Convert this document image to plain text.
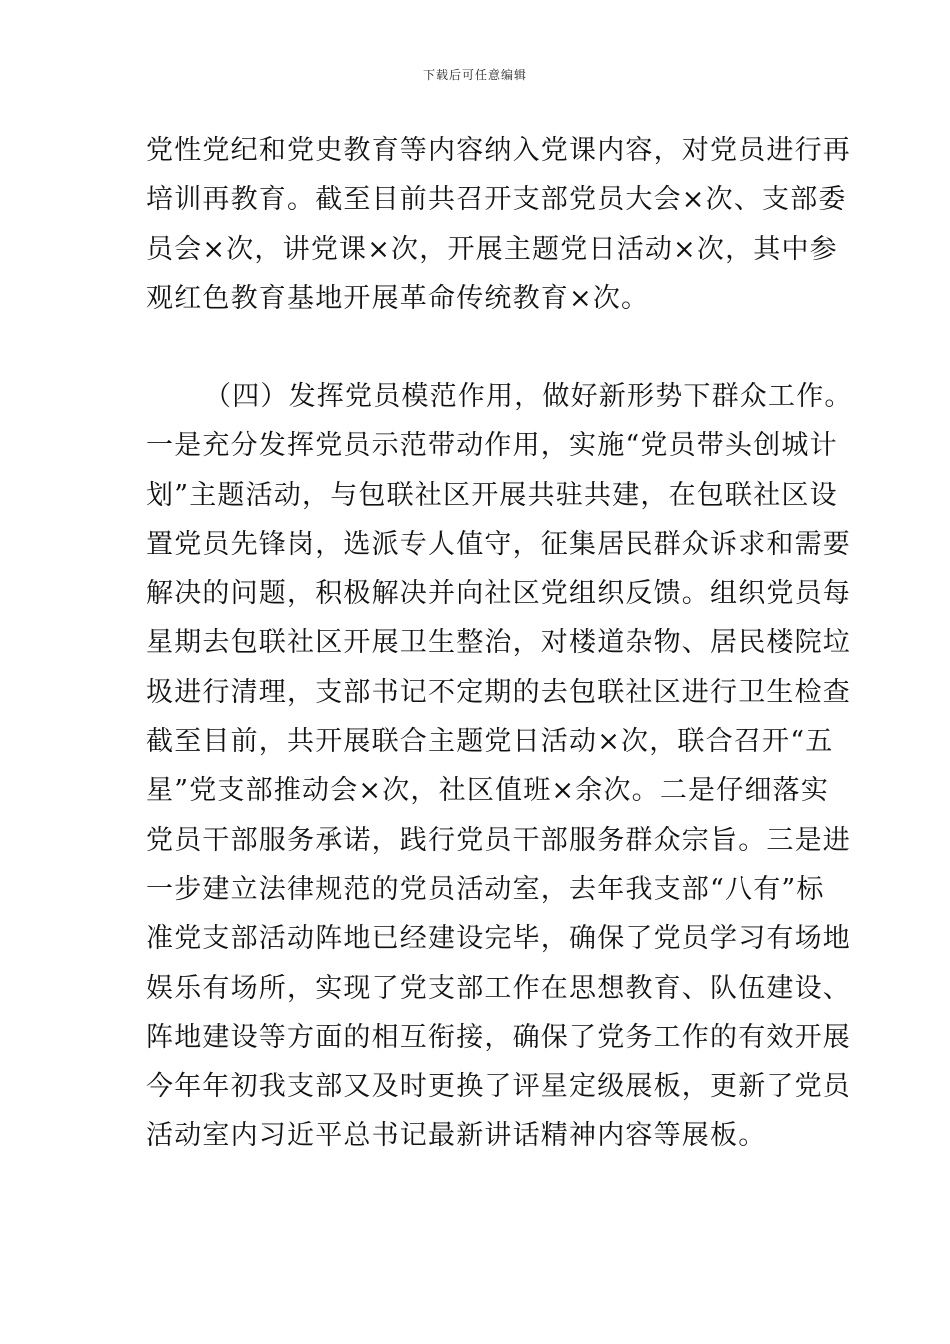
下载后可任意编辑
党性党纪和党史教育等内容纳入党课内容，对党员进行再
培训再教育。截至目前共召开支部党员大会×次、支部委
员会×次，讲党课×次，开展主题党日活动×次，其中参
观红色教育基地开展革命传统教育×次。
（四）发挥党员模范作用，做好新形势下群众工作。
一是充分发挥党员示范带动作用，实施“党员带头创城计
划”主题活动，与包联社区开展共驻共建，在包联社区设
置党员先锋岗，选派专人值守，征集居民群众诉求和需要
解决的问题，积极解决并向社区党组织反馈。组织党员每
星期去包联社区开展卫生整治，对楼道杂物、居民楼院垃
圾进行清理，支部书记不定期的去包联社区进行卫生检查
截至目前，共开展联合主题党日活动×次，联合召开“五
星”党支部推动会×次，社区值班×余次。二是仔细落实
党员干部服务承诺，践行党员干部服务群众宗旨。三是进
一步建立法律规范的党员活动室，去年我支部“八有”标
准党支部活动阵地已经建设完毕，确保了党员学习有场地
娱乐有场所，实现了党支部工作在思想教育、队伍建设、
阵地建设等方面的相互衔接，确保了党务工作的有效开展
今年年初我支部又及时更换了评星定级展板，更新了党员
活动室内习近平总书记最新讲话精神内容等展板。
